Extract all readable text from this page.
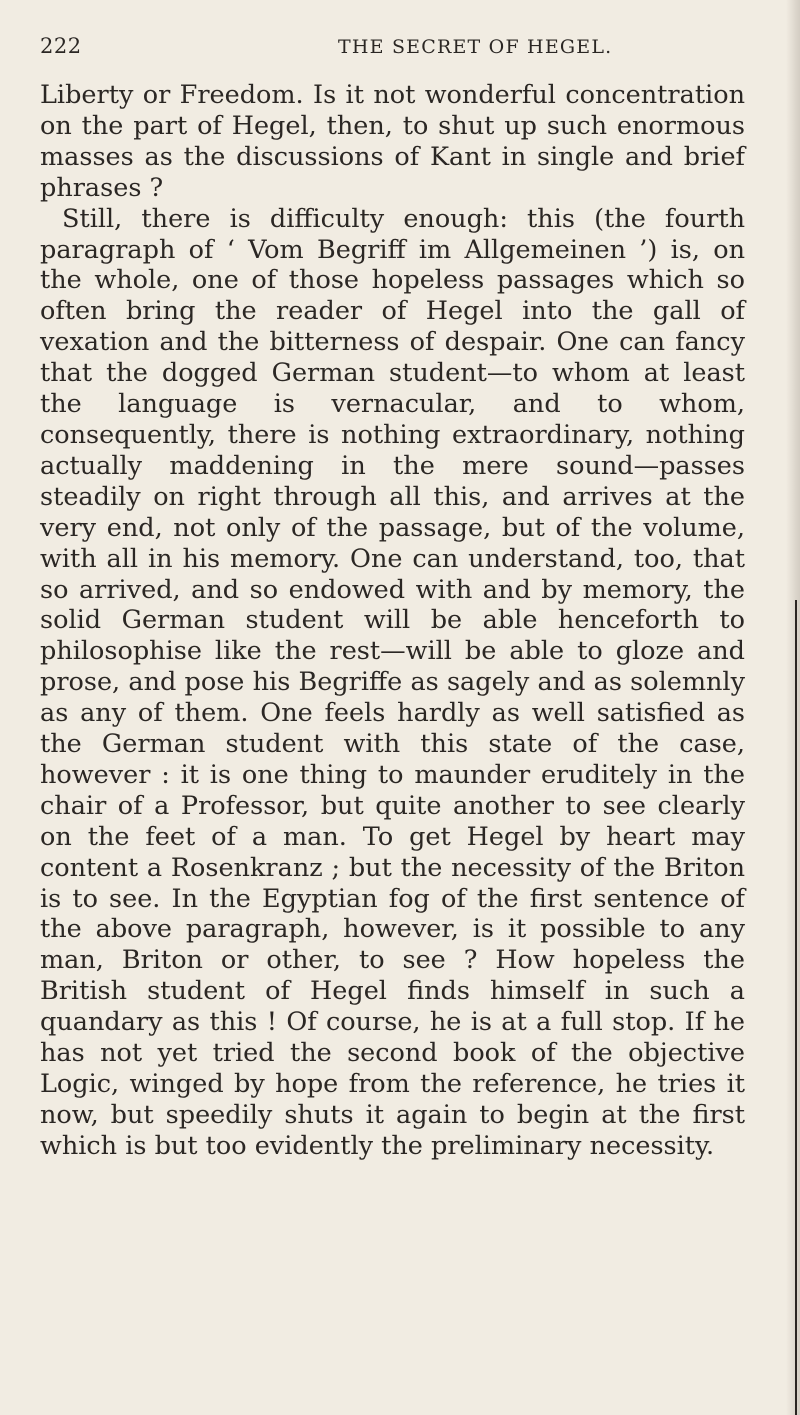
222	THE SECRET OF HEGEL.

Liberty or Freedom. Is it not wonderful concentration on the part of Hegel, then, to shut up such enormous masses as the discussions of Kant in single and brief phrases ?

Still, there is difficulty enough: this (the fourth paragraph of ‘ Vom Begriff im Allgemeinen ’) is, on the whole, one of those hopeless passages which so often bring the reader of Hegel into the gall of vexation and the bitterness of despair. One can fancy that the dogged German student—to whom at least the language is vernacular, and to whom, consequently, there is nothing extraordinary, nothing actually maddening in the mere sound—passes steadily on right through all this, and arrives at the very end, not only of the passage, but of the volume, with all in his memory. One can understand, too, that so arrived, and so endowed with and by memory, the solid German student will be able henceforth to philosophise like the rest—will be able to gloze and prose, and pose his Begriffe as sagely and as solemnly as any of them. One feels hardly as well satisfied as the German student with this state of the case, however : it is one thing to maunder eruditely in the chair of a Professor, but quite another to see clearly on the feet of a man. To get Hegel by heart may content a Rosenkranz ; but the necessity of the Briton is to see. In the Egyptian fog of the first sentence of the above paragraph, however, is it possible to any man, Briton or other, to see ? How hopeless the British student of Hegel finds himself in such a quandary as this ! Of course, he is at a full stop. If he has not yet tried the second book of the objective Logic, winged by hope from the reference, he tries it now, but speedily shuts it again to begin at the first which is but too evidently the preliminary necessity.
